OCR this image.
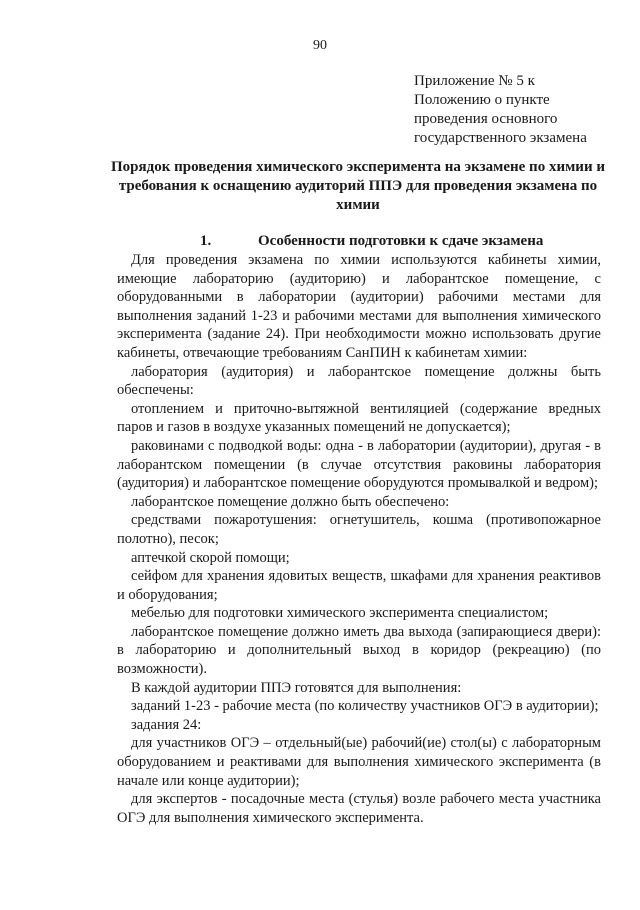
90
Приложение № 5 к
Положению о пункте
проведения основного
государственного экзамена
Порядок проведения химического эксперимента на экзамене по химии и требования к оснащению аудиторий ППЭ для проведения экзамена по химии
1.	Особенности подготовки к сдаче экзамена

Для проведения экзамена по химии используются кабинеты химии, имеющие лабораторию (аудиторию) и лаборантское помещение, с оборудованными в лаборатории (аудитории) рабочими местами для выполнения заданий 1-23 и рабочими местами для выполнения химического эксперимента (задание 24). При необходимости можно использовать другие кабинеты, отвечающие требованиям СанПИН к кабинетам химии:

лаборатория (аудитория) и лаборантское помещение должны быть обеспечены:

отоплением и приточно-вытяжной вентиляцией (содержание вредных паров и газов в воздухе указанных помещений не допускается);

раковинами с подводкой воды: одна - в лаборатории (аудитории), другая - в лаборантском помещении (в случае отсутствия раковины лаборатория (аудитория) и лаборантское помещение оборудуются промывалкой и ведром);

лаборантское помещение должно быть обеспечено:

средствами пожаротушения: огнетушитель, кошма (противопожарное полотно), песок;

аптечкой скорой помощи;

сейфом для хранения ядовитых веществ, шкафами для хранения реактивов и оборудования;

мебелью для подготовки химического эксперимента специалистом;

лаборантское помещение должно иметь два выхода (запирающиеся двери): в лабораторию и дополнительный выход в коридор (рекреацию) (по возможности).

В каждой аудитории ППЭ готовятся для выполнения:

заданий 1-23 - рабочие места (по количеству участников ОГЭ в аудитории);

задания 24:

для участников ОГЭ – отдельный(ые) рабочий(ие) стол(ы) с лабораторным оборудованием и реактивами для выполнения химического эксперимента (в начале или конце аудитории);

для экспертов - посадочные места (стулья) возле рабочего места участника ОГЭ для выполнения химического эксперимента.
